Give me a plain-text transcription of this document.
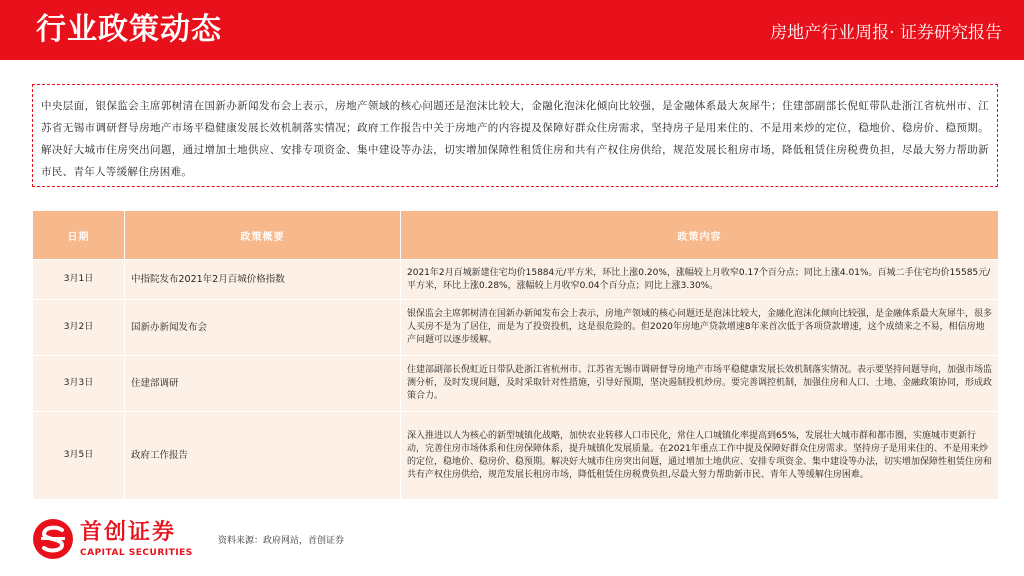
行业政策动态	房地产行业周报· 证券研究报告
中央层面，银保监会主席郭树清在国新办新闻发布会上表示，房地产领域的核心问题还是泡沫比较大，金融化泡沫化倾向比较强，是金融体系最大灰犀牛；住建部副部长倪虹带队赴浙江省杭州市、江苏省无锡市调研督导房地产市场平稳健康发展长效机制落实情况；政府工作报告中关于房地产的内容提及保障好群众住房需求，坚持房子是用来住的、不是用来炒的定位，稳地价、稳房价、稳预期。解决好大城市住房突出问题，通过增加土地供应、安排专项资金、集中建设等办法，切实增加保障性租赁住房和共有产权住房供给，规范发展长租房市场，降低租赁住房税费负担，尽最大努力帮助新市民、青年人等缓解住房困难。
日期	政策概要	政策内容
3月1日	中指院发布2021年2月百城价格指数	2021年2月百城新建住宅均价15884元/平方米，环比上涨0.20%，涨幅较上月收窄0.17个百分点；同比上涨4.01%。百城二手住宅均价15585元/平方米，环比上涨0.28%，涨幅较上月收窄0.04个百分点；同比上涨3.30%。
3月2日	国新办新闻发布会	银保监会主席郭树清在国新办新闻发布会上表示，房地产领域的核心问题还是泡沫比较大，金融化泡沫化倾向比较强，是金融体系最大灰犀牛，很多人买房不是为了居住，而是为了投资投机，这是很危险的。但2020年房地产贷款增速8年来首次低于各项贷款增速，这个成绩来之不易，相信房地产问题可以逐步缓解。
3月3日	住建部调研	住建部副部长倪虹近日带队赴浙江省杭州市、江苏省无锡市调研督导房地产市场平稳健康发展长效机制落实情况。表示要坚持问题导向，加强市场监测分析，及时发现问题，及时采取针对性措施，引导好预期，坚决遏制投机炒房。要完善调控机制，加强住房和人口、土地、金融政策协同，形成政策合力。
3月5日	政府工作报告	深入推进以人为核心的新型城镇化战略，加快农业转移人口市民化，常住人口城镇化率提高到65%，发展壮大城市群和都市圈，实施城市更新行动，完善住房市场体系和住房保障体系，提升城镇化发展质量。在2021年重点工作中提及保障好群众住房需求。坚持房子是用来住的、不是用来炒的定位，稳地价、稳房价、稳预期。解决好大城市住房突出问题，通过增加土地供应、安排专项资金、集中建设等办法，切实增加保障性租赁住房和共有产权住房供给，规范发展长租房市场，降低租赁住房税费负担,尽最大努力帮助新市民、青年人等缓解住房困难。
首创证券
CAPITAL SECURITIES
资料来源：政府网站，首创证券
